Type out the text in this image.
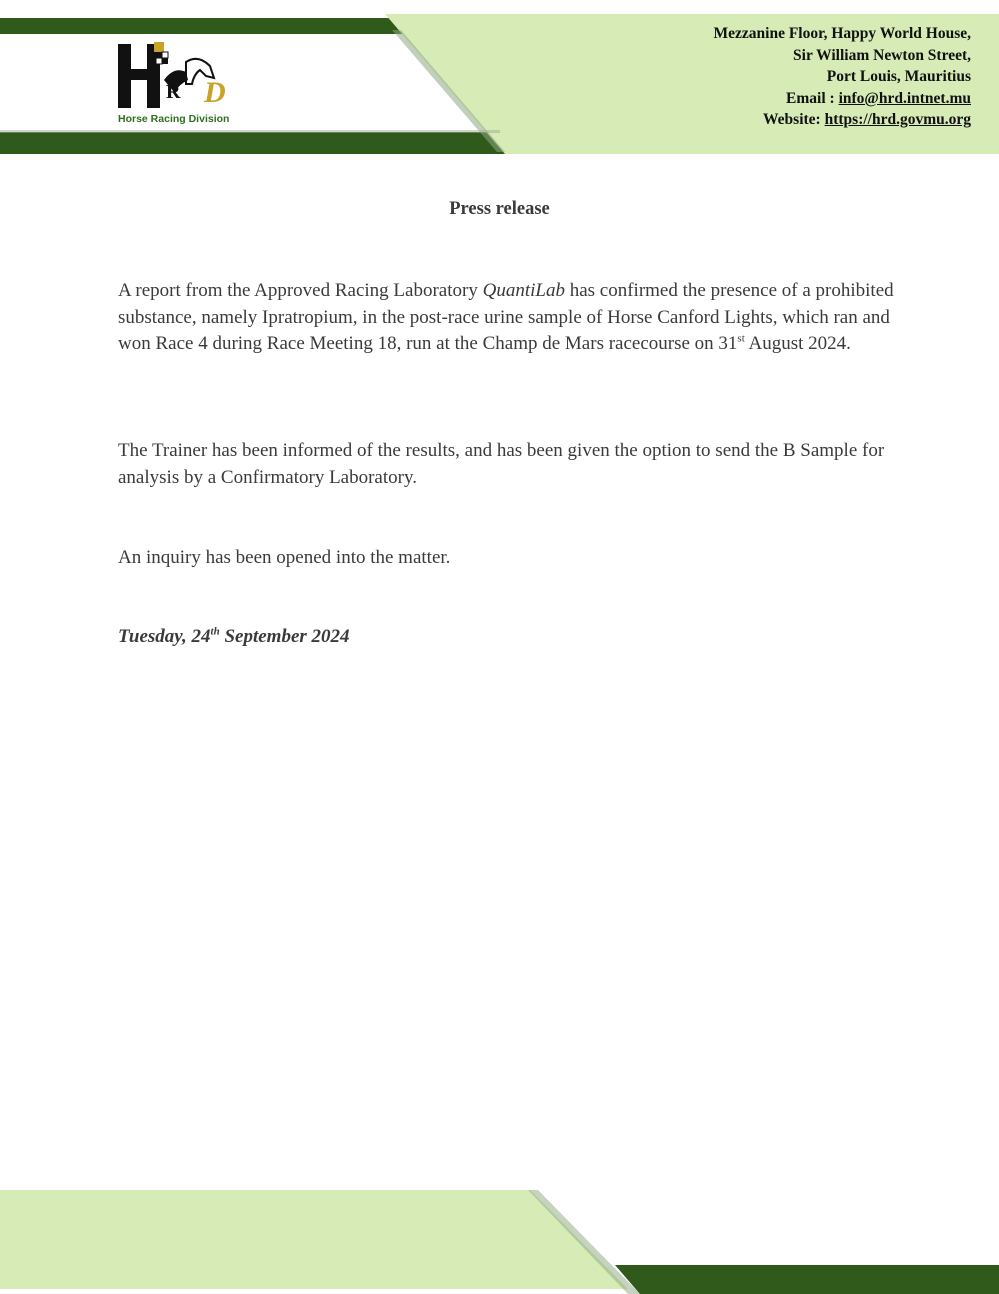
R D
Horse Racing Division
Mezzanine Floor, Happy World House,
Sir William Newton Street,
Port Louis, Mauritius
Email : info@hrd.intnet.mu
Website: https://hrd.govmu.org
Press release

A report from the Approved Racing Laboratory QuantiLab has confirmed the presence of a prohibited substance, namely Ipratropium, in the post-race urine sample of Horse Canford Lights, which ran and won Race 4 during Race Meeting 18, run at the Champ de Mars racecourse on 31st August 2024.

The Trainer has been informed of the results, and has been given the option to send the B Sample for analysis by a Confirmatory Laboratory.

An inquiry has been opened into the matter.

Tuesday, 24th September 2024
